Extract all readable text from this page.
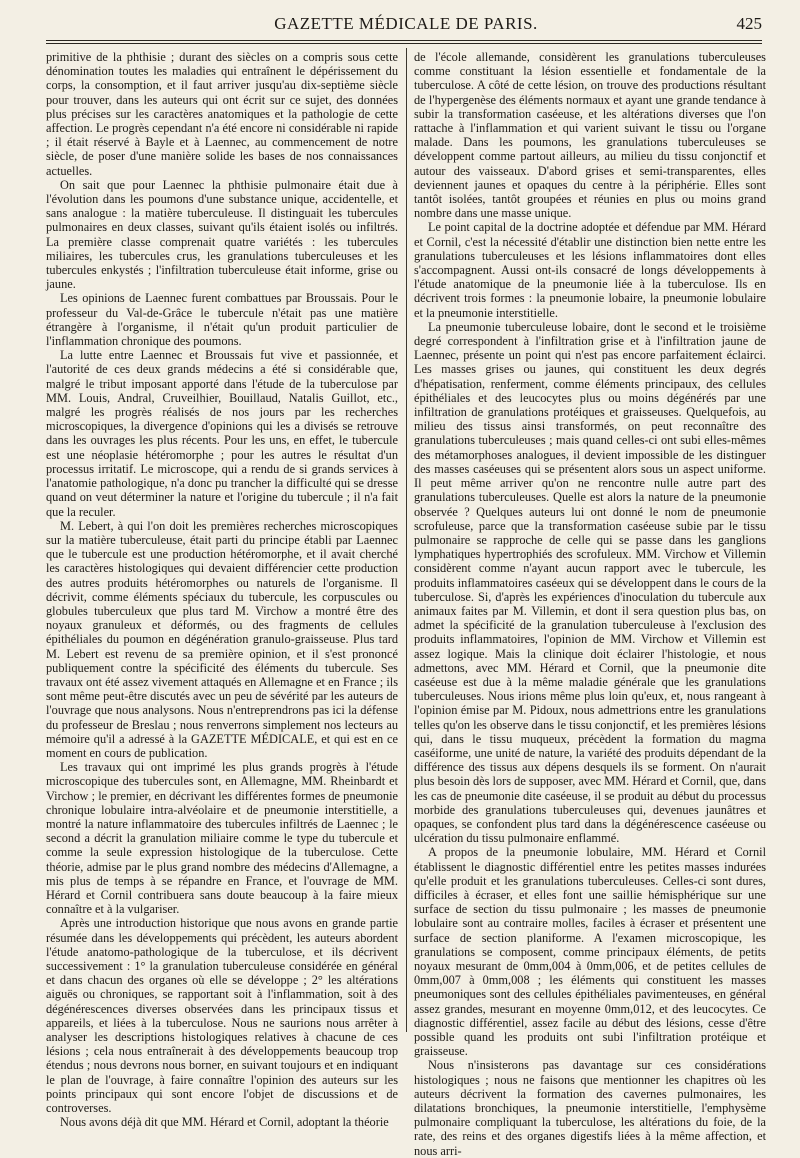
GAZETTE MÉDICALE DE PARIS.	425

primitive de la phthisie ; durant des siècles on a compris sous cette dénomination toutes les maladies qui entraînent le dépérissement du corps, la consomption, et il faut arriver jusqu'au dix-septième siècle pour trouver, dans les auteurs qui ont écrit sur ce sujet, des données plus précises sur les caractères anatomiques et la pathologie de cette affection. Le progrès cependant n'a été encore ni considérable ni rapide ; il était réservé à Bayle et à Laennec, au commencement de notre siècle, de poser d'une manière solide les bases de nos connaissances actuelles.

On sait que pour Laennec la phthisie pulmonaire était due à l'évolution dans les poumons d'une substance unique, accidentelle, et sans analogue : la matière tuberculeuse. Il distinguait les tubercules pulmonaires en deux classes, suivant qu'ils étaient isolés ou infiltrés. La première classe comprenait quatre variétés : les tubercules miliaires, les tubercules crus, les granulations tuberculeuses et les tubercules enkystés ; l'infiltration tuberculeuse était informe, grise ou jaune.

Les opinions de Laennec furent combattues par Broussais. Pour le professeur du Val-de-Grâce le tubercule n'était pas une matière étrangère à l'organisme, il n'était qu'un produit particulier de l'inflammation chronique des poumons.

La lutte entre Laennec et Broussais fut vive et passionnée, et l'autorité de ces deux grands médecins a été si considérable que, malgré le tribut imposant apporté dans l'étude de la tuberculose par MM. Louis, Andral, Cruveilhier, Bouillaud, Natalis Guillot, etc., malgré les progrès réalisés de nos jours par les recherches microscopiques, la divergence d'opinions qui les a divisés se retrouve dans les ouvrages les plus récents. Pour les uns, en effet, le tubercule est une néoplasie hétéromorphe ; pour les autres le résultat d'un processus irritatif. Le microscope, qui a rendu de si grands services à l'anatomie pathologique, n'a donc pu trancher la difficulté qui se dresse quand on veut déterminer la nature et l'origine du tubercule ; il n'a fait que la reculer.

M. Lebert, à qui l'on doit les premières recherches microscopiques sur la matière tuberculeuse, était parti du principe établi par Laennec que le tubercule est une production hétéromorphe, et il avait cherché les caractères histologiques qui devaient différencier cette production des autres produits hétéromorphes ou naturels de l'organisme. Il décrivit, comme éléments spéciaux du tubercule, les corpuscules ou globules tuberculeux que plus tard M. Virchow a montré être des noyaux granuleux et déformés, ou des fragments de cellules épithéliales du poumon en dégénération granulo-graisseuse. Plus tard M. Lebert est revenu de sa première opinion, et il s'est prononcé publiquement contre la spécificité des éléments du tubercule. Ses travaux ont été assez vivement attaqués en Allemagne et en France ; ils sont même peut-être discutés avec un peu de sévérité par les auteurs de l'ouvrage que nous analysons. Nous n'entreprendrons pas ici la défense du professeur de Breslau ; nous renverrons simplement nos lecteurs au mémoire qu'il a adressé à la GAZETTE MÉDICALE, et qui est en ce moment en cours de publication.

Les travaux qui ont imprimé les plus grands progrès à l'étude microscopique des tubercules sont, en Allemagne, MM. Rheinbardt et Virchow ; le premier, en décrivant les différentes formes de pneumonie chronique lobulaire intra-alvéolaire et de pneumonie interstitielle, a montré la nature inflammatoire des tubercules infiltrés de Laennec ; le second a décrit la granulation miliaire comme le type du tubercule et comme la seule expression histologique de la tuberculose. Cette théorie, admise par le plus grand nombre des médecins d'Allemagne, a mis plus de temps à se répandre en France, et l'ouvrage de MM. Hérard et Cornil contribuera sans doute beaucoup à la faire mieux connaître et à la vulgariser.

Après une introduction historique que nous avons en grande partie résumée dans les développements qui précèdent, les auteurs abordent l'étude anatomo-pathologique de la tuberculose, et ils décrivent successivement : 1° la granulation tuberculeuse considérée en général et dans chacun des organes où elle se développe ; 2° les altérations aiguës ou chroniques, se rapportant soit à l'inflammation, soit à des dégénérescences diverses observées dans les principaux tissus et appareils, et liées à la tuberculose. Nous ne saurions nous arrêter à analyser les descriptions histologiques relatives à chacune de ces lésions ; cela nous entraînerait à des développements beaucoup trop étendus ; nous devrons nous borner, en suivant toujours et en indiquant le plan de l'ouvrage, à faire connaître l'opinion des auteurs sur les points principaux qui sont encore l'objet de discussions et de controverses.

Nous avons déjà dit que MM. Hérard et Cornil, adoptant la théorie

de l'école allemande, considèrent les granulations tuberculeuses comme constituant la lésion essentielle et fondamentale de la tuberculose. A côté de cette lésion, on trouve des productions résultant de l'hypergenèse des éléments normaux et ayant une grande tendance à subir la transformation caséeuse, et les altérations diverses que l'on rattache à l'inflammation et qui varient suivant le tissu ou l'organe malade. Dans les poumons, les granulations tuberculeuses se développent comme partout ailleurs, au milieu du tissu conjonctif et autour des vaisseaux. D'abord grises et semi-transparentes, elles deviennent jaunes et opaques du centre à la périphérie. Elles sont tantôt isolées, tantôt groupées et réunies en plus ou moins grand nombre dans une masse unique.

Le point capital de la doctrine adoptée et défendue par MM. Hérard et Cornil, c'est la nécessité d'établir une distinction bien nette entre les granulations tuberculeuses et les lésions inflammatoires dont elles s'accompagnent. Aussi ont-ils consacré de longs développements à l'étude anatomique de la pneumonie liée à la tuberculose. Ils en décrivent trois formes : la pneumonie lobaire, la pneumonie lobulaire et la pneumonie interstitielle.

La pneumonie tuberculeuse lobaire, dont le second et le troisième degré correspondent à l'infiltration grise et à l'infiltration jaune de Laennec, présente un point qui n'est pas encore parfaitement éclairci. Les masses grises ou jaunes, qui constituent les deux degrés d'hépatisation, renferment, comme éléments principaux, des cellules épithéliales et des leucocytes plus ou moins dégénérés par une infiltration de granulations protéiques et graisseuses. Quelquefois, au milieu des tissus ainsi transformés, on peut reconnaître des granulations tuberculeuses ; mais quand celles-ci ont subi elles-mêmes des métamorphoses analogues, il devient impossible de les distinguer des masses caséeuses qui se présentent alors sous un aspect uniforme. Il peut même arriver qu'on ne rencontre nulle autre part des granulations tuberculeuses. Quelle est alors la nature de la pneumonie observée ? Quelques auteurs lui ont donné le nom de pneumonie scrofuleuse, parce que la transformation caséeuse subie par le tissu pulmonaire se rapproche de celle qui se passe dans les ganglions lymphatiques hypertrophiés des scrofuleux. MM. Virchow et Villemin considèrent comme n'ayant aucun rapport avec le tubercule, les produits inflammatoires caséeux qui se développent dans le cours de la tuberculose. Si, d'après les expériences d'inoculation du tubercule aux animaux faites par M. Villemin, et dont il sera question plus bas, on admet la spécificité de la granulation tuberculeuse à l'exclusion des produits inflammatoires, l'opinion de MM. Virchow et Villemin est assez logique. Mais la clinique doit éclairer l'histologie, et nous admettons, avec MM. Hérard et Cornil, que la pneumonie dite caséeuse est due à la même maladie générale que les granulations tuberculeuses. Nous irions même plus loin qu'eux, et, nous rangeant à l'opinion émise par M. Pidoux, nous admettrions entre les granulations telles qu'on les observe dans le tissu conjonctif, et les premières lésions qui, dans le tissu muqueux, précèdent la formation du magma caséiforme, une unité de nature, la variété des produits dépendant de la différence des tissus aux dépens desquels ils se forment. On n'aurait plus besoin dès lors de supposer, avec MM. Hérard et Cornil, que, dans les cas de pneumonie dite caséeuse, il se produit au début du processus morbide des granulations tuberculeuses qui, devenues jaunâtres et opaques, se confondent plus tard dans la dégénérescence caséeuse ou ulcération du tissu pulmonaire enflammé.

A propos de la pneumonie lobulaire, MM. Hérard et Cornil établissent le diagnostic différentiel entre les petites masses indurées qu'elle produit et les granulations tuberculeuses. Celles-ci sont dures, difficiles à écraser, et elles font une saillie hémisphérique sur une surface de section du tissu pulmonaire ; les masses de pneumonie lobulaire sont au contraire molles, faciles à écraser et présentent une surface de section planiforme. A l'examen microscopique, les granulations se composent, comme principaux éléments, de petits noyaux mesurant de 0mm,004 à 0mm,006, et de petites cellules de 0mm,007 à 0mm,008 ; les éléments qui constituent les masses pneumoniques sont des cellules épithéliales pavimenteuses, en général assez grandes, mesurant en moyenne 0mm,012, et des leucocytes. Ce diagnostic différentiel, assez facile au début des lésions, cesse d'être possible quand les produits ont subi l'infiltration protéique et graisseuse.

Nous n'insisterons pas davantage sur ces considérations histologiques ; nous ne faisons que mentionner les chapitres où les auteurs décrivent la formation des cavernes pulmonaires, les dilatations bronchiques, la pneumonie interstitielle, l'emphysème pulmonaire compliquant la tuberculose, les altérations du foie, de la rate, des reins et des organes digestifs liées à la même affection, et nous arri-
